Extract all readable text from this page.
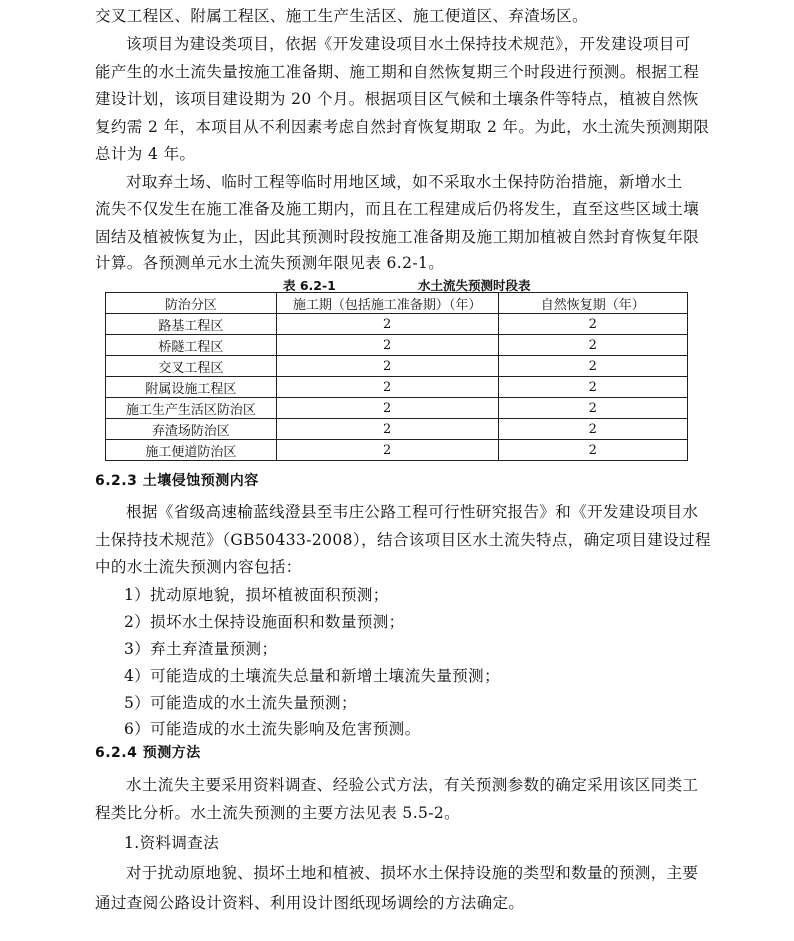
交叉工程区、附属工程区、施工生产生活区、施工便道区、弃渣场区。
该项目为建设类项目，依据《开发建设项目水土保持技术规范》，开发建设项目可
能产生的水土流失量按施工准备期、施工期和自然恢复期三个时段进行预测。根据工程
建设计划，该项目建设期为 20 个月。根据项目区气候和土壤条件等特点，植被自然恢
复约需 2 年，本项目从不利因素考虑自然封育恢复期取 2 年。为此，水土流失预测期限
总计为 4 年。
对取弃土场、临时工程等临时用地区域，如不采取水土保持防治措施，新增水土
流失不仅发生在施工准备及施工期内，而且在工程建成后仍将发生，直至这些区域土壤
固结及植被恢复为止，因此其预测时段按施工准备期及施工期加植被自然封育恢复年限
计算。各预测单元水土流失预测年限见表 6.2-1。
表 6.2-1	水土流失预测时段表
防治分区	施工期（包括施工准备期）（年）	自然恢复期（年）
路基工程区	2	2
桥隧工程区	2	2
交叉工程区	2	2
附属设施工程区	2	2
施工生产生活区防治区	2	2
弃渣场防治区	2	2
施工便道防治区	2	2
6.2.3 土壤侵蚀预测内容
根据《省级高速榆蓝线澄县至韦庄公路工程可行性研究报告》和《开发建设项目水
土保持技术规范》（GB50433-2008），结合该项目区水土流失特点，确定项目建设过程
中的水土流失预测内容包括：
1）扰动原地貌，损坏植被面积预测；
2）损坏水土保持设施面积和数量预测；
3）弃土弃渣量预测；
4）可能造成的土壤流失总量和新增土壤流失量预测；
5）可能造成的水土流失量预测；
6）可能造成的水土流失影响及危害预测。
6.2.4 预测方法
水土流失主要采用资料调查、经验公式方法，有关预测参数的确定采用该区同类工
程类比分析。水土流失预测的主要方法见表 5.5-2。
1.资料调查法
对于扰动原地貌、损坏土地和植被、损坏水土保持设施的类型和数量的预测，主要
通过查阅公路设计资料、利用设计图纸现场调绘的方法确定。
